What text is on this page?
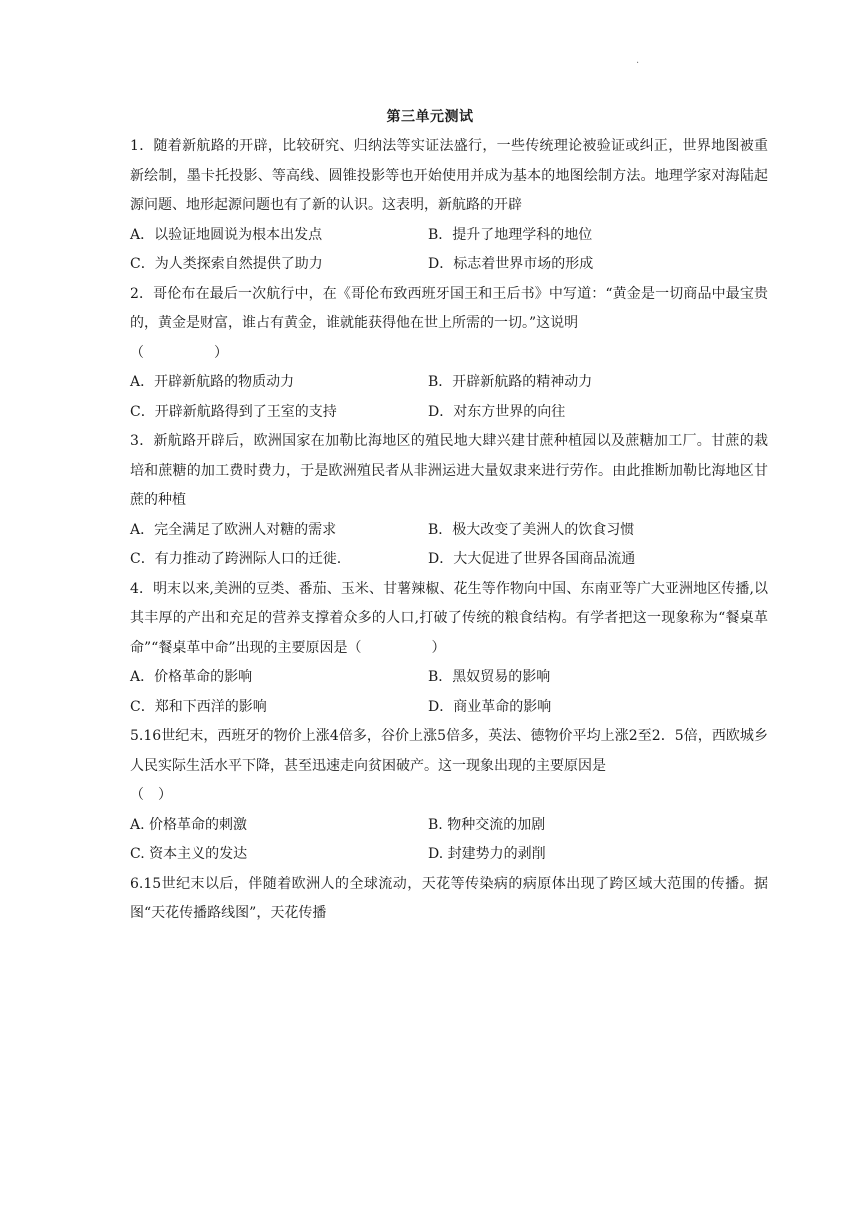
·
第三单元测试

1．随着新航路的开辟，比较研究、归纳法等实证法盛行，一些传统理论被验证或纠正，世界地图被重新绘制，墨卡托投影、等高线、圆锥投影等也开始使用并成为基本的地图绘制方法。地理学家对海陆起源问题、地形起源问题也有了新的认识。这表明，新航路的开辟

A．以验证地圆说为根本出发点	B．提升了地理学科的地位
C．为人类探索自然提供了助力	D．标志着世界市场的形成

2．哥伦布在最后一次航行中，在《哥伦布致西班牙国王和王后书》中写道：“黄金是一切商品中最宝贵的，黄金是财富，谁占有黄金，谁就能获得他在世上所需的一切。”这说明

（　　　　　）

A．开辟新航路的物质动力	B．开辟新航路的精神动力
C．开辟新航路得到了王室的支持	D．对东方世界的向往

3．新航路开辟后，欧洲国家在加勒比海地区的殖民地大肆兴建甘蔗种植园以及蔗糖加工厂。甘蔗的栽培和蔗糖的加工费时费力，于是欧洲殖民者从非洲运进大量奴隶来进行劳作。由此推断加勒比海地区甘蔗的种植

A．完全满足了欧洲人对糖的需求	B．极大改变了美洲人的饮食习惯
C．有力推动了跨洲际人口的迁徙.	D．大大促进了世界各国商品流通

4．明末以来,美洲的豆类、番茄、玉米、甘薯辣椒、花生等作物向中国、东南亚等广大亚洲地区传播,以其丰厚的产出和充足的营养支撑着众多的人口,打破了传统的粮食结构。有学者把这一现象称为“餐桌革命”“餐桌革中命”出现的主要原因是（　　　　　）

A．价格革命的影响	B．黑奴贸易的影响
C．郑和下西洋的影响	D．商业革命的影响

5.16世纪末，西班牙的物价上涨4倍多，谷价上涨5倍多，英法、德物价平均上涨2至2．5倍，西欧城乡人民实际生活水平下降，甚至迅速走向贫困破产。这一现象出现的主要原因是

（　）

A. 价格革命的刺激	B. 物种交流的加剧
C. 资本主义的发达	D. 封建势力的剥削

6.15世纪末以后，伴随着欧洲人的全球流动，天花等传染病的病原体出现了跨区域大范围的传播。据图“天花传播路线图”，天花传播
